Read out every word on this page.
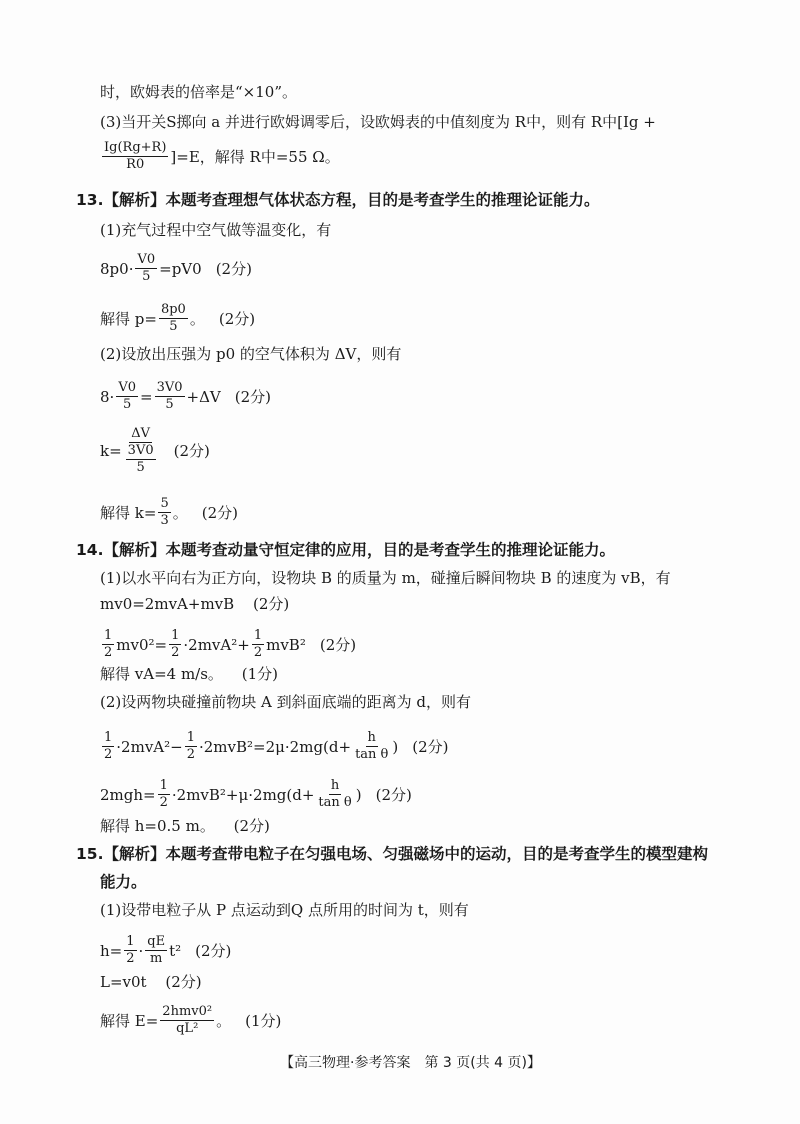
时，欧姆表的倍率是“×10”。
(3)当开关S掷向 a 并进行欧姆调零后，设欧姆表的中值刻度为 R中，则有 R中[Ig +
$\frac{Ig(Rg+R)}{R0} ]=E$，解得 R中=55 Ω。
13.【解析】本题考查理想气体状态方程，目的是考查学生的推理论证能力。
(1)充气过程中空气做等温变化，有
$8p0\cdot \frac{V0}{5} =pV0$ (2分)
解得 $p= \frac{8p0}{5}$ 。 (2分)
(2)设放出压强为 p0 的空气体积为 ΔV，则有
$8\cdot \frac{V0}{5} = \frac{3V0}{5} +\Delta V$ (2分)
k= ΔV
3V0
5 (2分)
解得 $k= \frac{5}{3}$ 。 (2分)
14.【解析】本题考查动量守恒定律的应用，目的是考查学生的推理论证能力。
(1)以水平向右为正方向，设物块 B 的质量为 m，碰撞后瞬间物块 B 的速度为 vB，有
mv0=2mvA+mvB (2分)
$\frac{1}{2} mv0^2= \frac{1}{2} \cdot 2mvA^2+ \frac{1}{2} mvB^2$ (2分)
解得 vA=4 m/s。 (1分)
(2)设两物块碰撞前物块 A 到斜面底端的距离为 d，则有
$\frac{1}{2} \cdot 2mvA^2- \frac{1}{2} \cdot 2mvB^2=2\mu\cdot 2mg(d+ \frac{h}{\text{tan θ}}$ ) (2分)
$2mgh= \frac{1}{2} \cdot 2mvB^2+\mu\cdot 2mg(d+ \frac{h}{\text{tan θ}}$ ) (2分)
解得 h=0.5 m。 (2分)
15.【解析】本题考查带电粒子在匀强电场、匀强磁场中的运动，目的是考查学生的模型建构
能力。
(1)设带电粒子从 P 点运动到Q 点所用的时间为 t，则有
$h= \frac{1}{2} \cdot \frac{qE}{m} t^2$ (2分)
L=v0t (2分)
解得 $E= \frac{\text{2hmv0²}}{\text{qL²}}$ 。 (1分)
【高三物理·参考答案　第 3 页(共 4 页)】
